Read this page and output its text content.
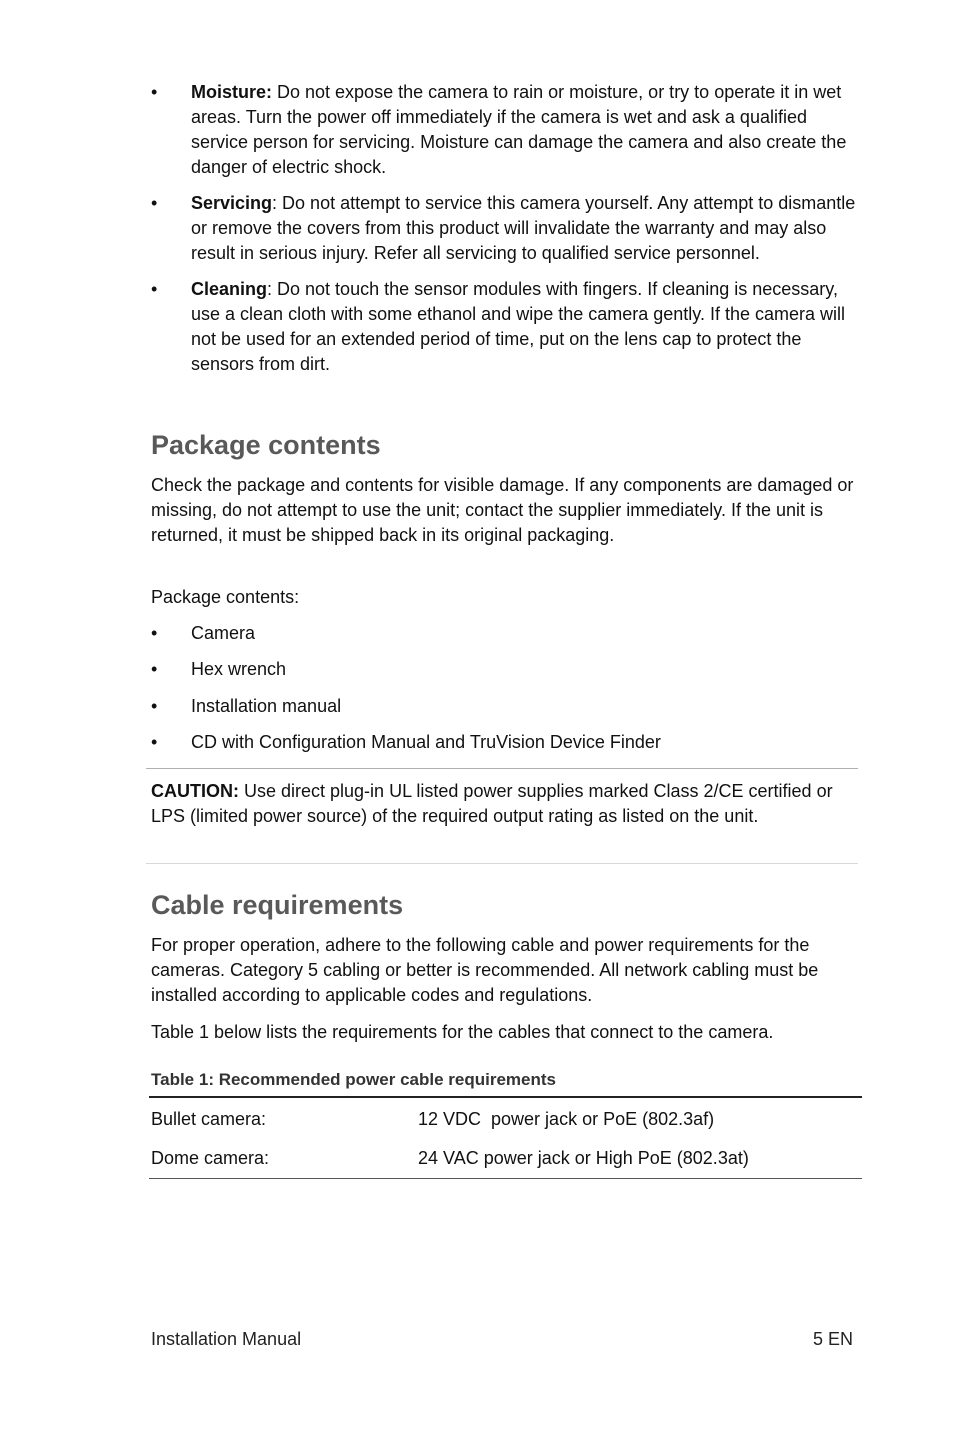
•	Moisture: Do not expose the camera to rain or moisture, or try to operate it in wet areas. Turn the power off immediately if the camera is wet and ask a qualified service person for servicing. Moisture can damage the camera and also create the danger of electric shock.
•	Servicing: Do not attempt to service this camera yourself. Any attempt to dismantle or remove the covers from this product will invalidate the warranty and may also result in serious injury. Refer all servicing to qualified service personnel.
•	Cleaning: Do not touch the sensor modules with fingers. If cleaning is necessary, use a clean cloth with some ethanol and wipe the camera gently. If the camera will not be used for an extended period of time, put on the lens cap to protect the sensors from dirt.
Package contents
Check the package and contents for visible damage. If any components are damaged or missing, do not attempt to use the unit; contact the supplier immediately. If the unit is returned, it must be shipped back in its original packaging.
Package contents:
• Camera
• Hex wrench
• Installation manual
• CD with Configuration Manual and TruVision Device Finder
CAUTION: Use direct plug-in UL listed power supplies marked Class 2/CE certified or LPS (limited power source) of the required output rating as listed on the unit.
Cable requirements
For proper operation, adhere to the following cable and power requirements for the cameras. Category 5 cabling or better is recommended. All network cabling must be installed according to applicable codes and regulations.
Table 1 below lists the requirements for the cables that connect to the camera.
Table 1: Recommended power cable requirements
Bullet camera:	12 VDC  power jack or PoE (802.3af)
Dome camera:	24 VAC power jack or High PoE (802.3at)
Installation Manual	5 EN
